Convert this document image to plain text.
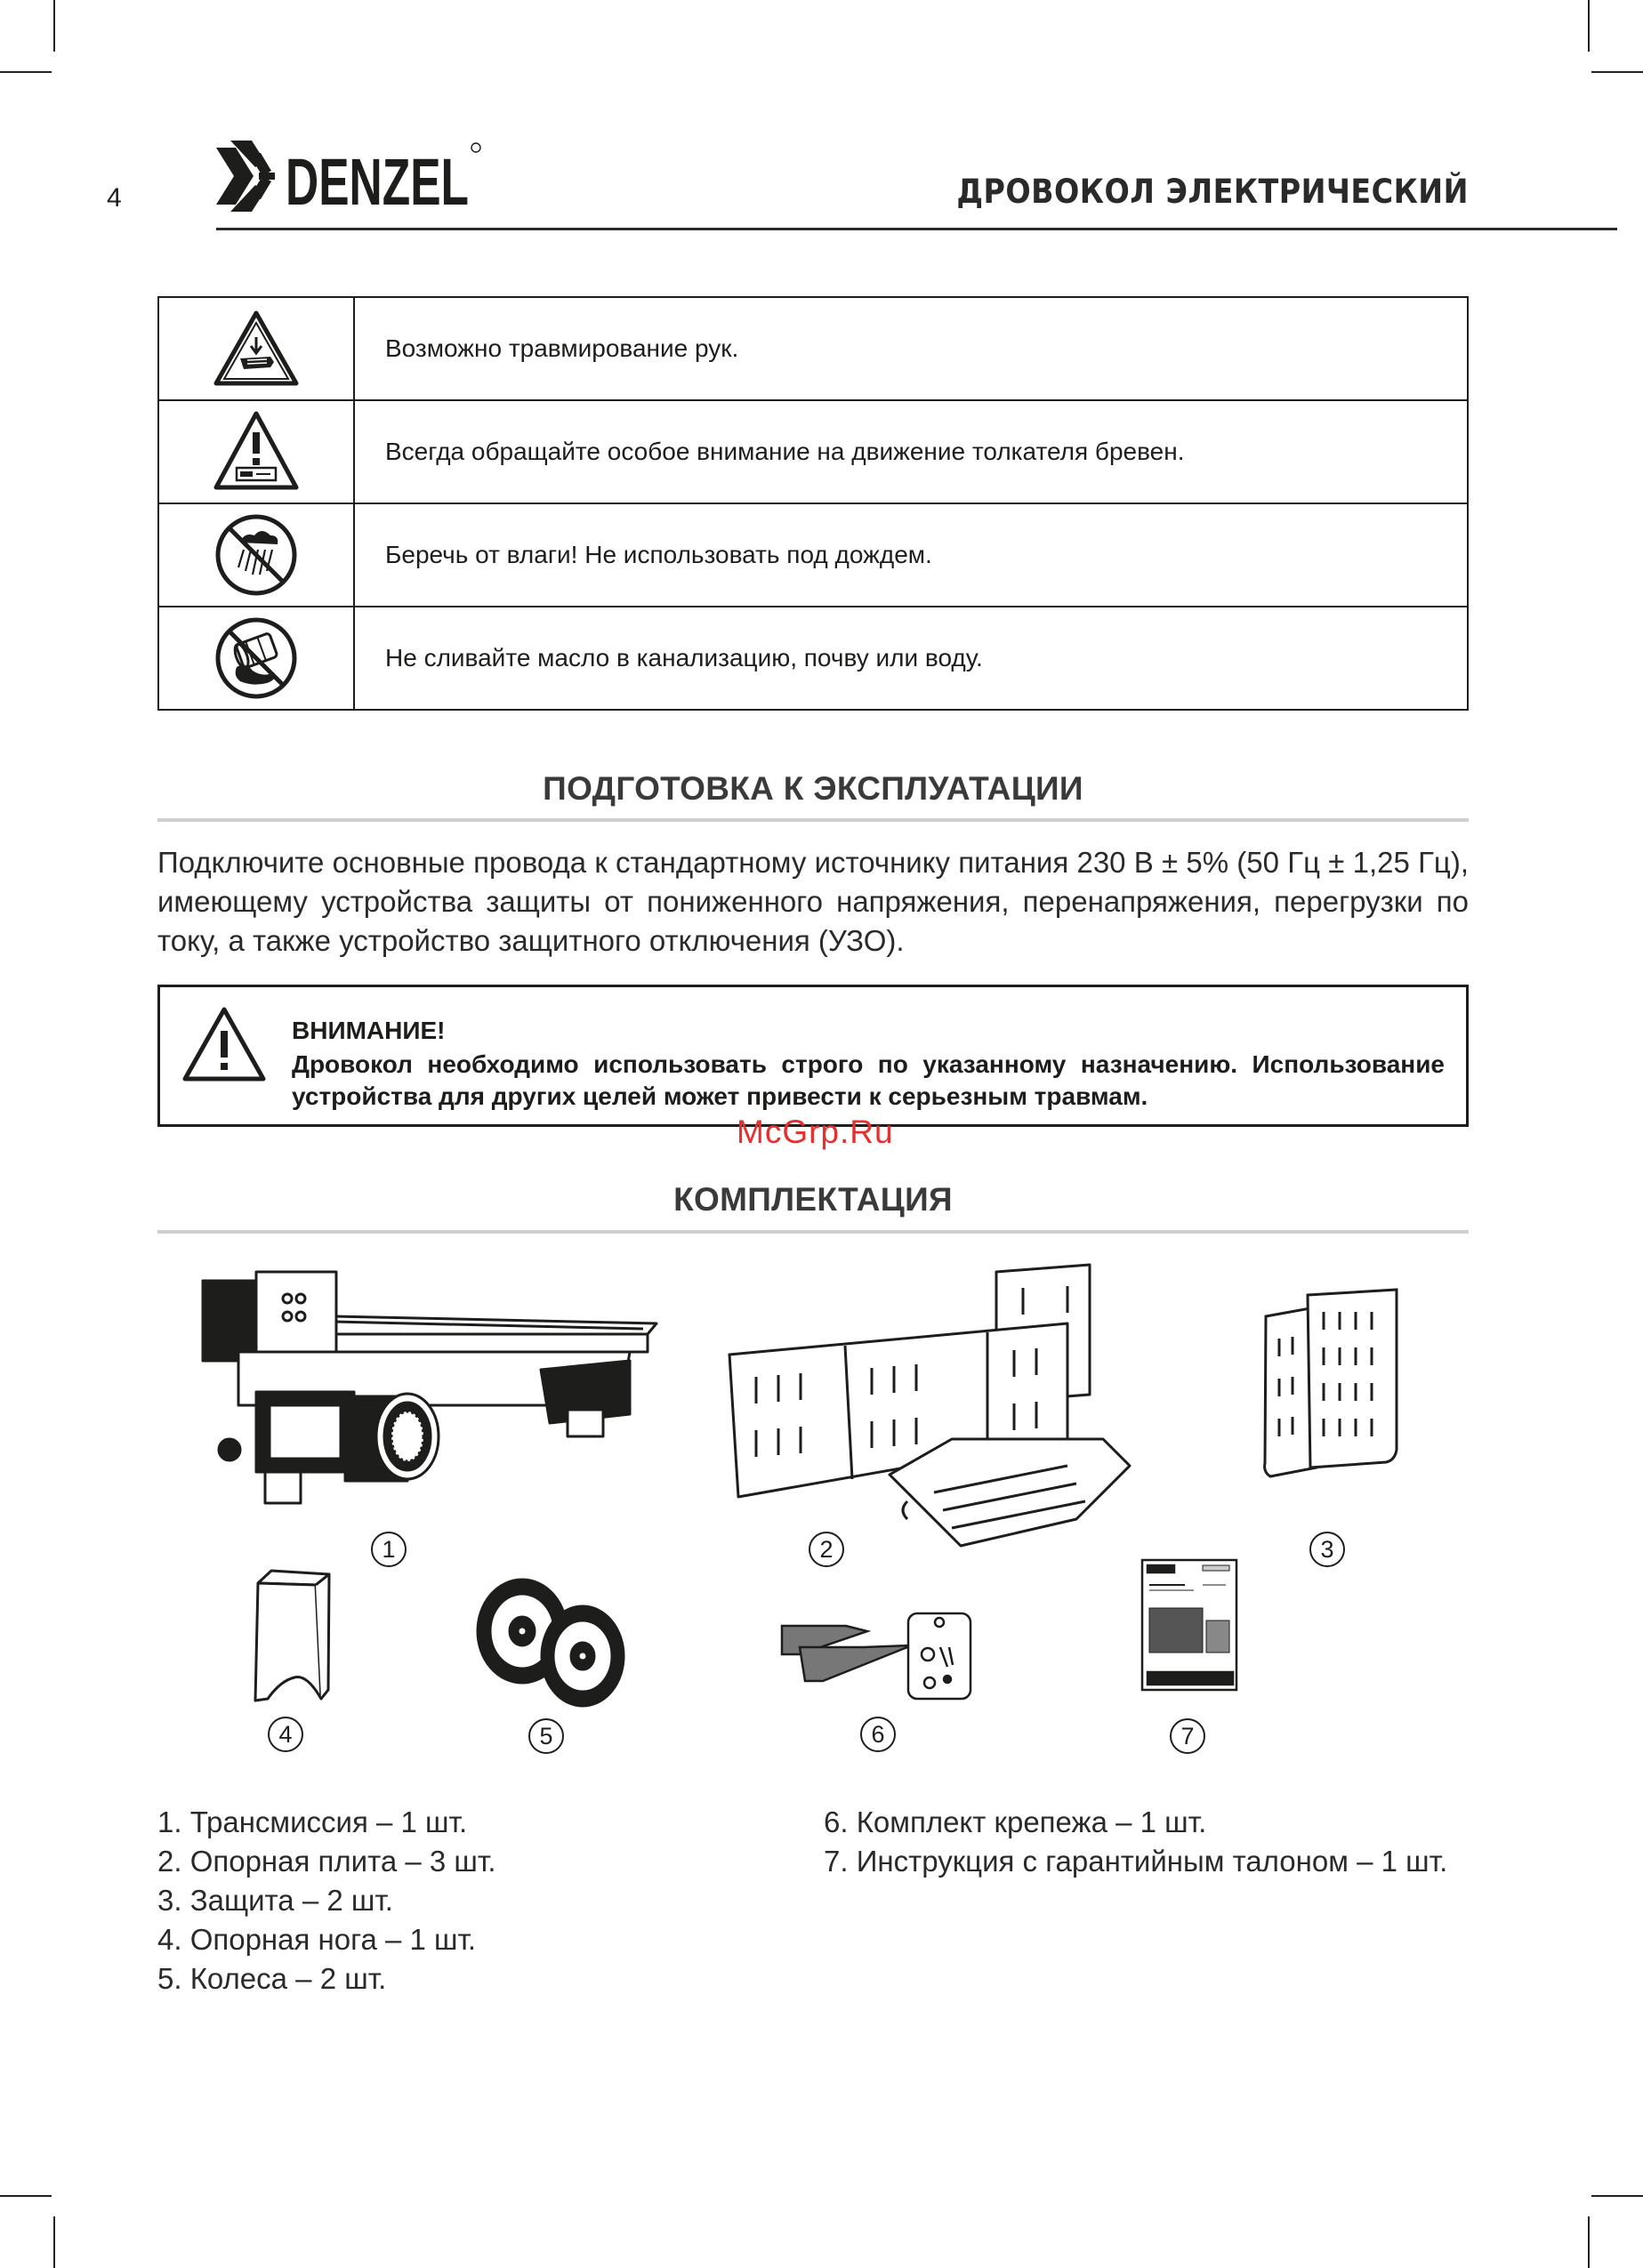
4 DENZEL	ДРОВОКОЛ ЭЛЕКТРИЧЕСКИЙ
	Возможно травмирование рук.

	Всегда обращайте особое внимание на движение толкателя бревен.

	Беречь от влаги! Не использовать под дождем.

	Не сливайте масло в канализацию, почву или воду.
ПОДГОТОВКА К ЭКСПЛУАТАЦИИ
Подключите основные провода к стандартному источнику питания 230 В ± 5% (50 Гц ± 1,25 Гц), имеющему устройства защиты от пониженного напряжения, перенапряжения, перегрузки по току, а также устройство защитного отключения (УЗО).
ВНИМАНИЕ!
Дровокол необходимо использовать строго по указанному назначению. Использование устройства для других целей может привести к серьезным травмам.
McGrp.Ru
КОМПЛЕКТАЦИЯ
1	2	3
4	5	6	7
1. Трансмиссия – 1 шт.
2. Опорная плита – 3 шт.
3. Защита – 2 шт.
4. Опорная нога – 1 шт.
5. Колеса – 2 шт.
6. Комплект крепежа – 1 шт.
7. Инструкция с гарантийным талоном – 1 шт.
